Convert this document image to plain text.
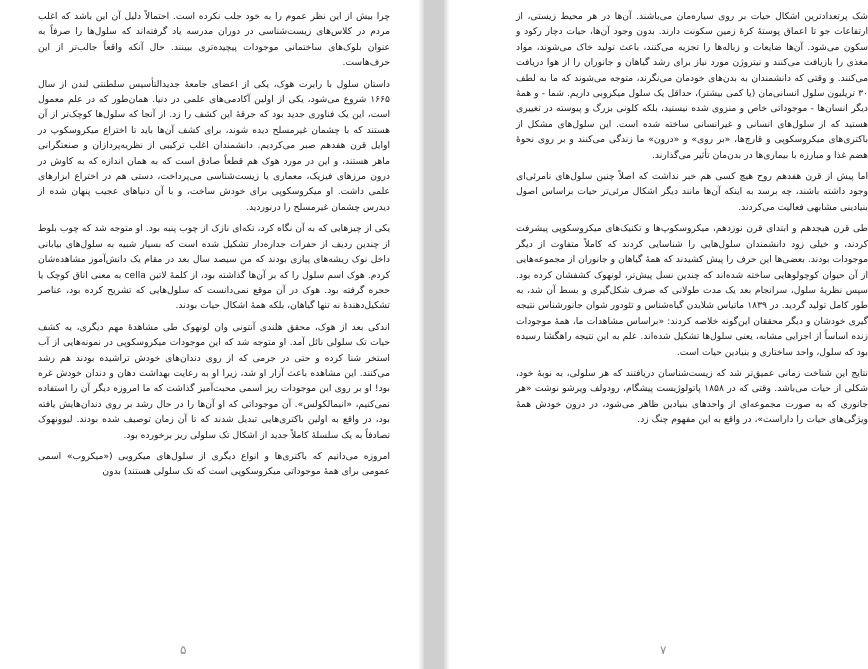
چرا بیش از این نظر عموم را به خود جلب نکرده است. احتمالاً دلیل آن این باشد که اغلب مردم در کلاس‌های زیست‌شناسی در دوران مدرسه یاد گرفته‌اند که سلول‌ها را صرفاً به عنوان بلوک‌های ساختمانی موجودات پیچیده‌تری ببینند. حال آنکه واقعاً جالب‌تر از این حرف‌هاست.

داستان سلول با رابرت هوک، یکی از اعضای جامعهٔ جدیدالتأسیس سلطنتی لندن از سال ۱۶۶۵ شروع می‌شود، یکی از اولین آکادمی‌های علمی در دنیا. همان‌طور که در علم معمول است، این یک فناوری جدید بود که جرقهٔ این کشف را زد. از آنجا که سلول‌ها کوچک‌تر از آن هستند که با چشمان غیرمسلح دیده شوند، برای کشف آن‌ها باید تا اختراع میکروسکوپ در اوایل قرن هفدهم صبر می‌کردیم. دانشمندان اغلب ترکیبی از نظریه‌پردازان و صنعتگرانی ماهر هستند، و این در مورد هوک هم قطعاً صادق است که به همان اندازه که به کاوش در درون مرزهای فیزیک، معماری یا زیست‌شناسی می‌پرداخت، دستی هم در اختراع ابزارهای علمی داشت. او میکروسکوپی برای خودش ساخت، و با آن دنیاهای عجیب پنهان شده از دیدرس چشمان غیرمسلح را درنوردید.

یکی از چیزهایی که به آن نگاه کرد، تکه‌ای نازک از چوب پنبه بود. او متوجه شد که چوب بلوط از چندین ردیف از حفرات جداره‌دار تشکیل شده است که بسیار شبیه به سلول‌های بیابانی داخل نوک ریشه‌های پیازی بودند که من سیصد سال بعد در مقام یک دانش‌آموز مشاهده‌شان کردم. هوک اسم سلول را که بر آن‌ها گذاشته بود، از کلمهٔ لاتین cella به معنی اتاق کوچک یا حجره گرفته بود. هوک در آن موقع نمی‌دانست که سلول‌هایی که تشریح کرده بود، عناصر تشکیل‌دهندهٔ نه تنها گیاهان، بلکه همهٔ اشکال حیات بودند.

اندکی بعد از هوک، محقق هلندی آنتونی وان لونهوک طی مشاهدهٔ مهم دیگری، به کشف حیات تک سلولی نائل آمد. او متوجه شد که این موجودات میکروسکوپی در نمونه‌هایی از آب استخر شنا کرده و حتی در جرمی که از روی دندان‌های خودش تراشیده بودند هم رشد می‌کنند. این مشاهده باعث آزار او شد، زیرا او به رعایت بهداشت دهان و دندان خودش غره بود! او بر روی این موجودات ریز اسمی محبت‌آمیز گذاشت که ما امروزه دیگر آن را استفاده نمی‌کنیم، «انیمالکولس». آن موجوداتی که او آن‌ها را در حال رشد بر روی دندان‌هایش یافته بود، در واقع به اولین باکتری‌هایی تبدیل شدند که تا آن زمان توصیف شده بودند. لیوونهوک تصادفاً به یک سلسلهٔ کاملاً جدید از اشکال تک سلولی ریز برخورده بود.

امروزه می‌دانیم که باکتری‌ها و انواع دیگری از سلول‌های میکروبی («میکروب» اسمی عمومی برای همهٔ موجوداتی میکروسکوپی است که تک سلولی هستند) بدون

۵

شک پرتعدادترین اشکال حیات بر روی سیاره‌مان می‌باشند. آن‌ها در هر محیط زیستی، از ارتفاعات جو تا اعماق پوستهٔ کرهٔ زمین سکونت دارند. بدون وجود آن‌ها، حیات دچار رکود و سکون می‌شود. آن‌ها ضایعات و زباله‌ها را تجزیه می‌کنند، باعث تولید خاک می‌شوند، مواد مغذی را بازیافت می‌کنند و نیتروژن مورد نیاز برای رشد گیاهان و جانوران را از هوا دریافت می‌کنند. و وقتی که دانشمندان به بدن‌های خودمان می‌نگرند، متوجه می‌شوند که ما به لطف ۳۰ تریلیون سلول انسانی‌مان (یا کمی بیشتر)، حداقل یک سلول میکروبی داریم. شما - و همهٔ دیگر انسان‌ها - موجوداتی خاص و منزوی شده نیستید، بلکه کلونی بزرگ و پیوسته در تغییری هستید که از سلول‌های انسانی و غیرانسانی ساخته شده است. این سلول‌های مشکل از باکتری‌های میکروسکوپی و قارچ‌ها، «بر روی» و «درون» ما زندگی می‌کنند و بر روی نحوهٔ هضم غذا و مبارزه با بیماری‌ها در بدن‌مان تأثیر می‌گذارند.

اما پیش از قرن هفدهم روح هیچ کسی هم خبر نداشت که اصلاً چنین سلول‌های نامرئی‌ای وجود داشته باشند، چه برسد به اینکه آن‌ها مانند دیگر اشکال مرئی‌تر حیات براساس اصول بنیادینی مشابهی فعالیت می‌کردند.

طی قرن هیجدهم و ابتدای قرن نوزدهم، میکروسکوپ‌ها و تکنیک‌های میکروسکوپی پیشرفت کردند، و خیلی زود دانشمندان سلول‌هایی را شناسایی کردند که کاملاً متفاوت از دیگر موجودات بودند. بعضی‌ها این حرف را پیش کشیدند که همهٔ گیاهان و جانوران از مجموعه‌هایی از آن حیوان کوچولوهایی ساخته شده‌اند که چندین نسل پیش‌تر، لونهوک کشفشان کرده بود. سپس نظریهٔ سلول، سرانجام بعد یک مدت طولانی که صرف شکل‌گیری و بسط آن شد، به طور کامل تولید گردید. در ۱۸۳۹ ماتیاس شلایدن گیاه‌شناس و تئودور شوان جانورشناس نتیجه‌ گیری خودشان و دیگر محققان این‌گونه خلاصه کردند: «براساس مشاهدات ما، همهٔ موجودات زنده اساساً از اجزایی مشابه، یعنی سلول‌ها تشکیل شده‌اند. علم به این نتیجه راهگشا رسیده بود که سلول، واحد ساختاری و بنیادین حیات است.

نتایج این شناخت زمانی عمیق‌تر شد که زیست‌شناسان دریافتند که هر سلولی، به نوبهٔ خود، شکلی از حیات می‌باشد. وقتی که در ۱۸۵۸ پاتولوژیست پیشگام، رودولف ویرشو نوشت «هر جانوری که به صورت مجموعه‌ای از واحدهای بنیادین ظاهر می‌شود، در درون خودش همهٔ ویژگی‌های حیات را داراست»، در واقع به این مفهوم چنگ زد.

۷
